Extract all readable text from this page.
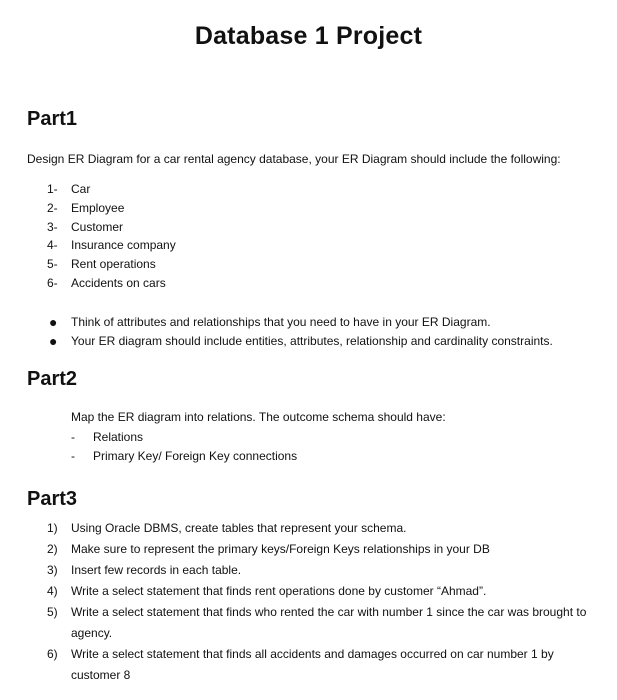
Database 1 Project
Part1
Design ER Diagram for a car rental agency database, your ER Diagram should include the following:
1- Car
2- Employee
3- Customer
4- Insurance company
5- Rent operations
6- Accidents on cars
● Think of attributes and relationships that you need to have in your ER Diagram.
● Your ER diagram should include entities, attributes, relationship and cardinality constraints.
Part2
Map the ER diagram into relations. The outcome schema should have:
- Relations
- Primary Key/ Foreign Key connections
Part3
1) Using Oracle DBMS, create tables that represent your schema.
2) Make sure to represent the primary keys/Foreign Keys relationships in your DB
3) Insert few records in each table.
4) Write a select statement that finds rent operations done by customer “Ahmad”.
5) Write a select statement that finds who rented the car with number 1 since the car was brought to agency.
6) Write a select statement that finds all accidents and damages occurred on car number 1 by customer 8
